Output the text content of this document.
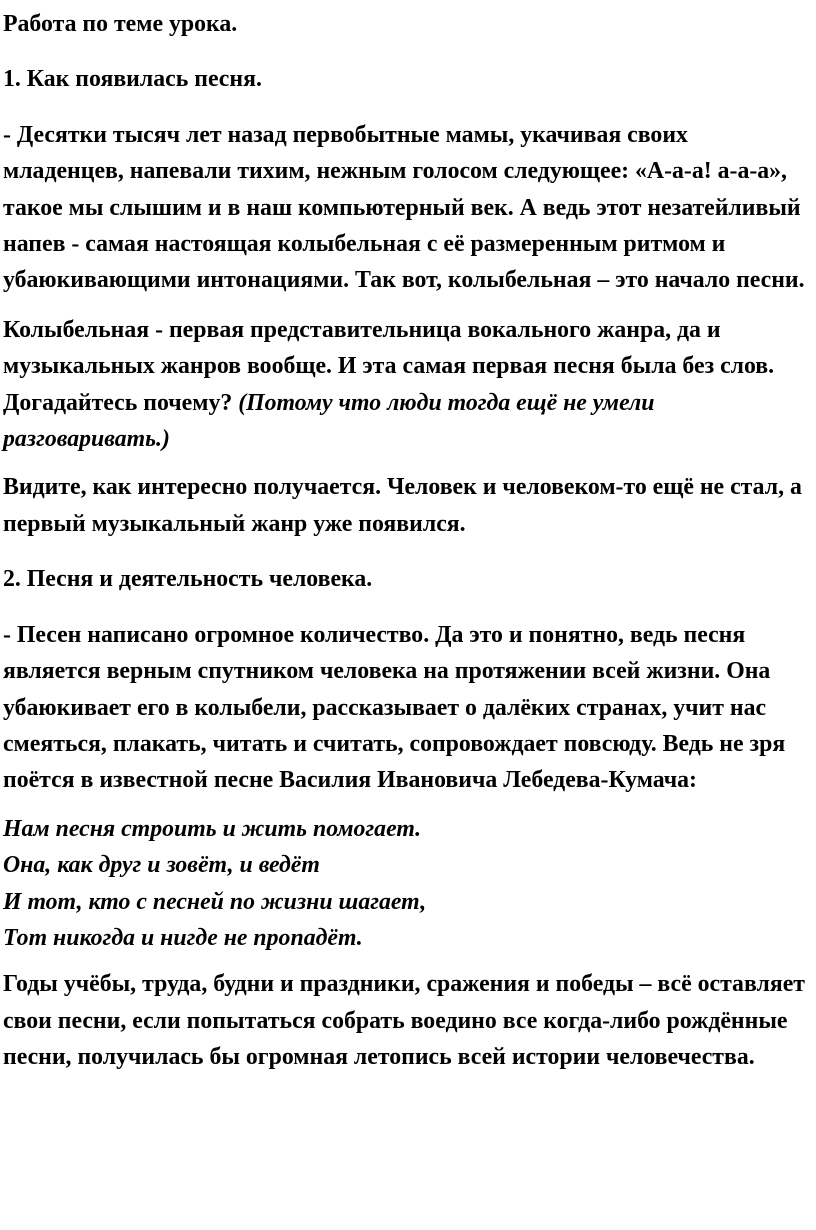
Работа по теме урока.

1. Как появилась песня.

- Десятки тысяч лет назад первобытные мамы, укачивая своих младенцев, напевали тихим, нежным голосом следующее: «А-а-а! а-а-а», такое мы слышим и в наш компьютерный век. А ведь этот незатейливый напев - самая настоящая колыбельная с её размеренным ритмом и убаюкивающими интонациями. Так вот, колыбельная – это начало песни.

Колыбельная - первая представительница вокального жанра, да и музыкальных жанров вообще. И эта самая первая песня была без слов. Догадайтесь почему? (Потому что люди тогда ещё не умели разговаривать.)

Видите, как интересно получается. Человек и человеком-то ещё не стал, а первый музыкальный жанр уже появился.

2. Песня и деятельность человека.

- Песен написано огромное количество. Да это и понятно, ведь песня является верным спутником человека на протяжении всей жизни. Она убаюкивает его в колыбели, рассказывает о далёких странах, учит нас смеяться, плакать, читать и считать, сопровождает повсюду. Ведь не зря поётся в известной песне Василия Ивановича Лебедева-Кумача:

Нам песня строить и жить помогает.
Она, как друг и зовёт, и ведёт
И тот, кто с песней по жизни шагает,
Тот никогда и нигде не пропадёт.

Годы учёбы, труда, будни и праздники, сражения и победы – всё оставляет свои песни, если попытаться собрать воедино все когда-либо рождённые песни, получилась бы огромная летопись всей истории человечества.
